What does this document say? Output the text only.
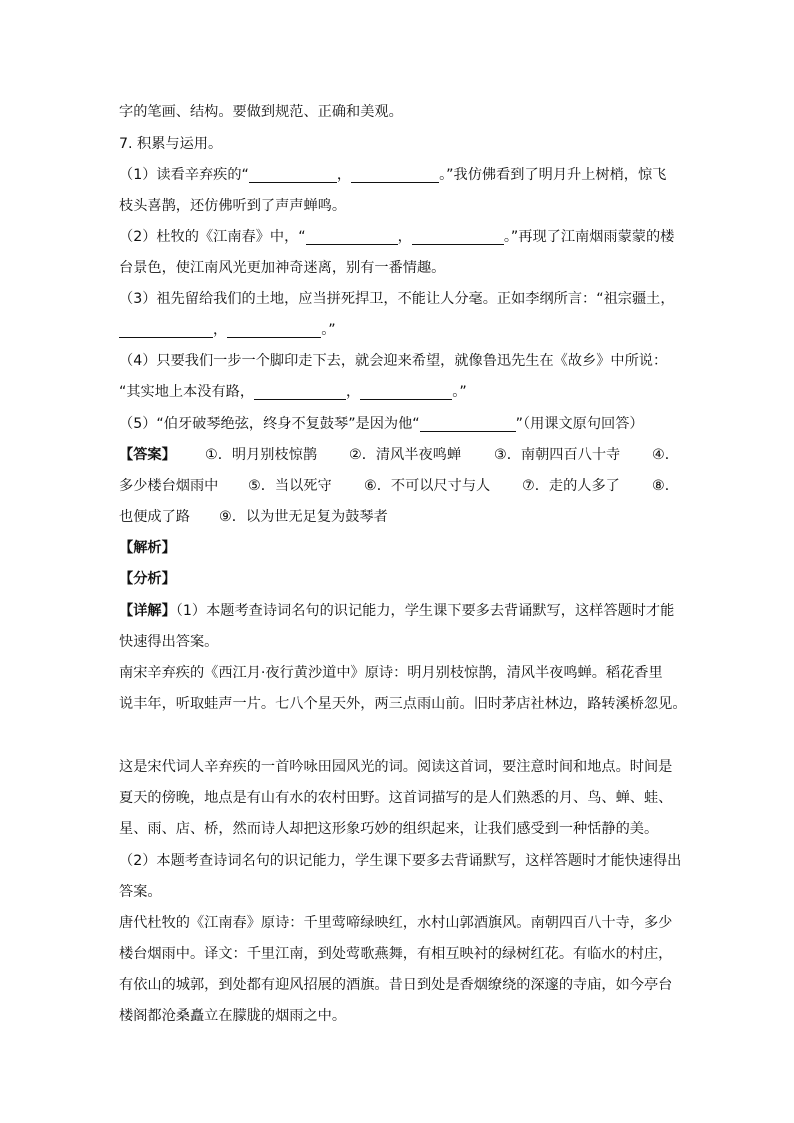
字的笔画、结构。要做到规范、正确和美观。
7. 积累与运用。
（1）读看辛弃疾的“	，	。”我仿佛看到了明月升上树梢，惊飞
枝头喜鹊，还仿佛听到了声声蝉鸣。
（2）杜牧的《江南春》中，“	，	。”再现了江南烟雨蒙蒙的楼
台景色，使江南风光更加神奇迷离，别有一番情趣。
（3）祖先留给我们的土地，应当拼死捍卫，不能让人分毫。正如李纲所言：“祖宗疆土，
，	。”
（4）只要我们一步一个脚印走下去，就会迎来希望，就像鲁迅先生在《故乡》中所说：
“其实地上本没有路，	，	。”
（5）“伯牙破琴绝弦，终身不复鼓琴”是因为他“	”（用课文原句回答）
【答案】 ①．明月别枝惊鹊 ②．清风半夜鸣蝉 ③．南朝四百八十寺 ④．
多少楼台烟雨中 ⑤．当以死守 ⑥．不可以尺寸与人 ⑦．走的人多了 ⑧．
也便成了路 ⑨．以为世无足复为鼓琴者
【解析】
【分析】
【详解】（1）本题考查诗词名句的识记能力，学生课下要多去背诵默写，这样答题时才能
快速得出答案。
南宋辛弃疾的《西江月·夜行黄沙道中》原诗：明月别枝惊鹊，清风半夜鸣蝉。稻花香里
说丰年，听取蛙声一片。七八个星天外，两三点雨山前。旧时茅店社林边，路转溪桥忽见。
这是宋代词人辛弃疾的一首吟咏田园风光的词。阅读这首词，要注意时间和地点。时间是
夏天的傍晚，地点是有山有水的农村田野。这首词描写的是人们熟悉的月、鸟、蝉、蛙、
星、雨、店、桥，然而诗人却把这形象巧妙的组织起来，让我们感受到一种恬静的美。
（2）本题考查诗词名句的识记能力，学生课下要多去背诵默写，这样答题时才能快速得出
答案。
唐代杜牧的《江南春》原诗：千里莺啼绿映红，水村山郭酒旗风。南朝四百八十寺，多少
楼台烟雨中。译文：千里江南，到处莺歌燕舞，有相互映衬的绿树红花。有临水的村庄，
有依山的城郭，到处都有迎风招展的酒旗。昔日到处是香烟缭绕的深邃的寺庙，如今亭台
楼阁都沧桑矗立在朦胧的烟雨之中。
